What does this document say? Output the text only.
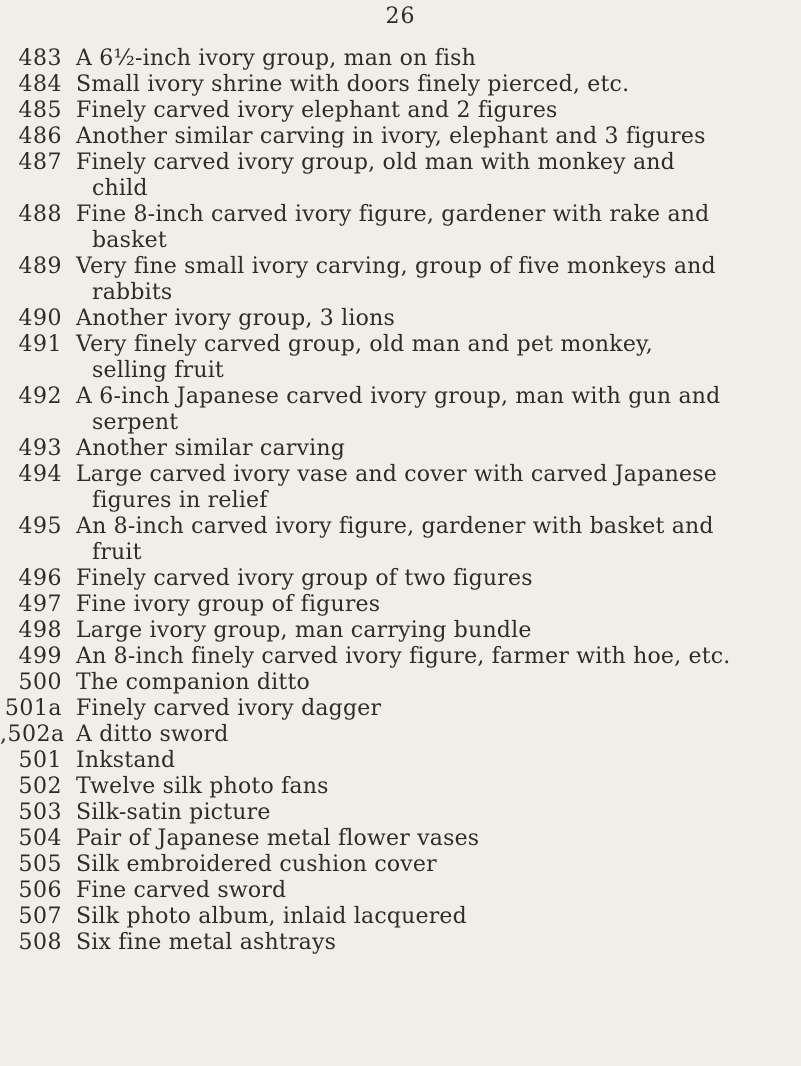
26
483 A 6½-inch ivory group, man on fish
484 Small ivory shrine with doors finely pierced, etc.
485 Finely carved ivory elephant and 2 figures
486 Another similar carving in ivory, elephant and 3 figures
487 Finely carved ivory group, old man with monkey and
child
488 Fine 8-inch carved ivory figure, gardener with rake and
basket
489 Very fine small ivory carving, group of five monkeys and
rabbits
490 Another ivory group, 3 lions
491 Very finely carved group, old man and pet monkey,
selling fruit
492 A 6-inch Japanese carved ivory group, man with gun and
serpent
493 Another similar carving
494 Large carved ivory vase and cover with carved Japanese
figures in relief
495 An 8-inch carved ivory figure, gardener with basket and
fruit
496 Finely carved ivory group of two figures
497 Fine ivory group of figures
498 Large ivory group, man carrying bundle
499 An 8-inch finely carved ivory figure, farmer with hoe, etc.
500 The companion ditto
501a Finely carved ivory dagger
,502a A ditto sword
501 Inkstand
502 Twelve silk photo fans
503 Silk-satin picture
504 Pair of Japanese metal flower vases
505 Silk embroidered cushion cover
506 Fine carved sword
507 Silk photo album, inlaid lacquered
508 Six fine metal ashtrays
